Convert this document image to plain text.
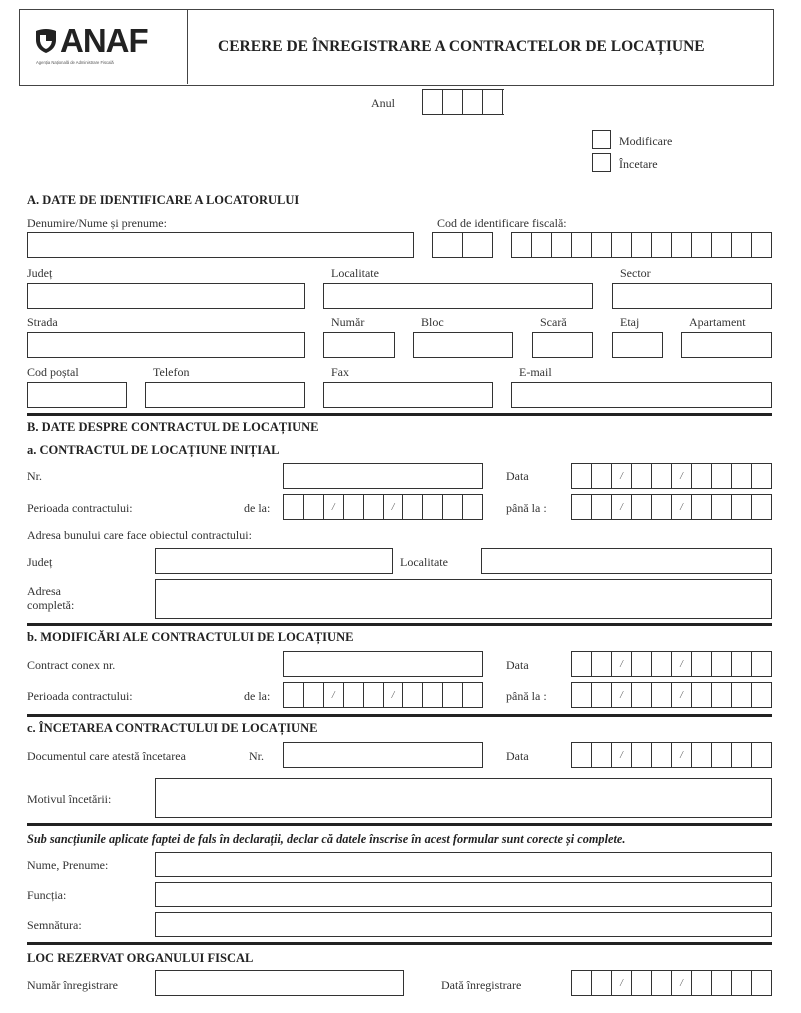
ANAF
Agenția Națională de Administrare Fiscală
CERERE DE ÎNREGISTRARE A CONTRACTELOR DE LOCAȚIUNE
Anul
Modificare
Încetare
A. DATE DE IDENTIFICARE A LOCATORULUI
Denumire/Nume și prenume:	Cod de identificare fiscală:
Județ	Localitate	Sector
Strada	Număr	Bloc	Scară	Etaj	Apartament
Cod poștal	Telefon	Fax	E-mail
B. DATE DESPRE CONTRACTUL DE LOCAȚIUNE
a. CONTRACTUL DE LOCAȚIUNE INIȚIAL
Nr.	Data	/	/
Perioada contractului:	de la:	/	/	până la :	/	/
Adresa bunului care face obiectul contractului:
Județ	Localitate
Adresa
completă:
b. MODIFICĂRI ALE CONTRACTULUI DE LOCAȚIUNE
Contract conex nr.	Data	/	/
Perioada contractului:	de la:	/	/	până la :	/	/
c. ÎNCETAREA CONTRACTULUI DE LOCAȚIUNE
Documentul care atestă încetarea	Nr.	Data	/	/
Motivul încetării:
Sub sancțiunile aplicate faptei de fals în declarații, declar că datele înscrise în acest formular sunt corecte și complete.
Nume, Prenume:
Funcția:
Semnătura:
LOC REZERVAT ORGANULUI FISCAL
Număr înregistrare	Dată înregistrare	/	/
